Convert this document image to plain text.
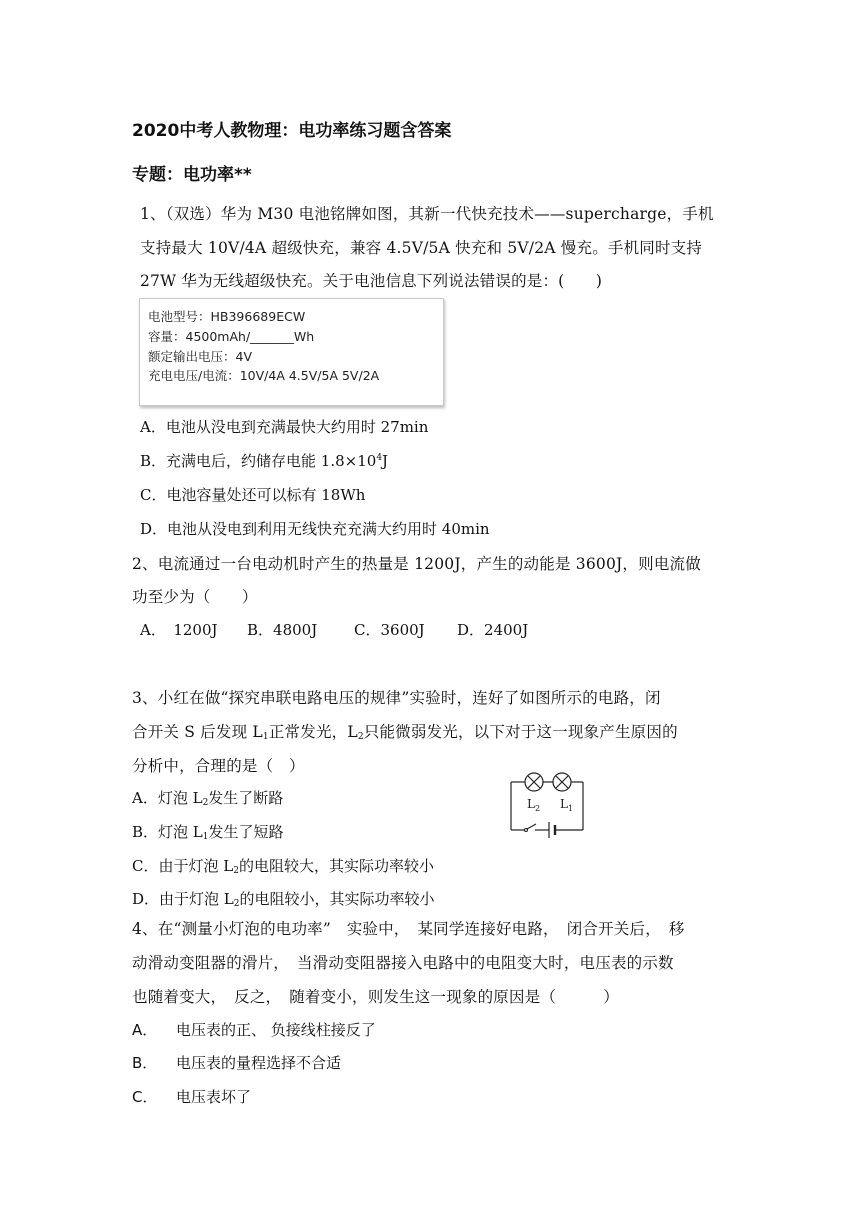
2020中考人教物理：电功率练习题含答案
专题：电功率**
1、（双选）华为 M30 电池铭牌如图，其新一代快充技术——supercharge，手机
支持最大 10V/4A 超级快充，兼容 4.5V/5A 快充和 5V/2A 慢充。手机同时支持
27W 华为无线超级快充。关于电池信息下列说法错误的是：(　　)
电池型号：HB396689ECW
容量：4500mAh/_______Wh
额定输出电压：4V
充电电压/电流：10V/4A 4.5V/5A 5V/2A
A．电池从没电到充满最快大约用时 27min
B．充满电后，约储存电能 $1.8\times 10^4J$
C．电池容量处还可以标有 18Wh
D．电池从没电到利用无线快充充满大约用时 40min
2、电流通过一台电动机时产生的热量是 1200J，产生的动能是 3600J，则电流做
功至少为（　　）
A．　1200J B．4800J C．3600J D．2400J
3、小红在做“探究串联电路电压的规律”实验时，连好了如图所示的电路，闭
合开关 S 后发现 $L_1$正常发光，$L_2$只能微弱发光，以下对于这一现象产生原因的
分析中，合理的是（　）
A．灯泡 $L_2$发生了断路
B．灯泡 $L_1$发生了短路
C．由于灯泡 $L_2$的电阻较大，其实际功率较小
D．由于灯泡 $L_2$的电阻较小，其实际功率较小
$L_2$ $L_1$
4、在“测量小灯泡的电功率”　实验中，　某同学连接好电路，　闭合开关后，　移
动滑动变阻器的滑片，　当滑动变阻器接入电路中的电阻变大时，电压表的示数
也随着变大，　反之，　随着变小，则发生这一现象的原因是（　　　）
A． 电压表的正、 负接线柱接反了
B． 电压表的量程选择不合适
C． 电压表坏了
